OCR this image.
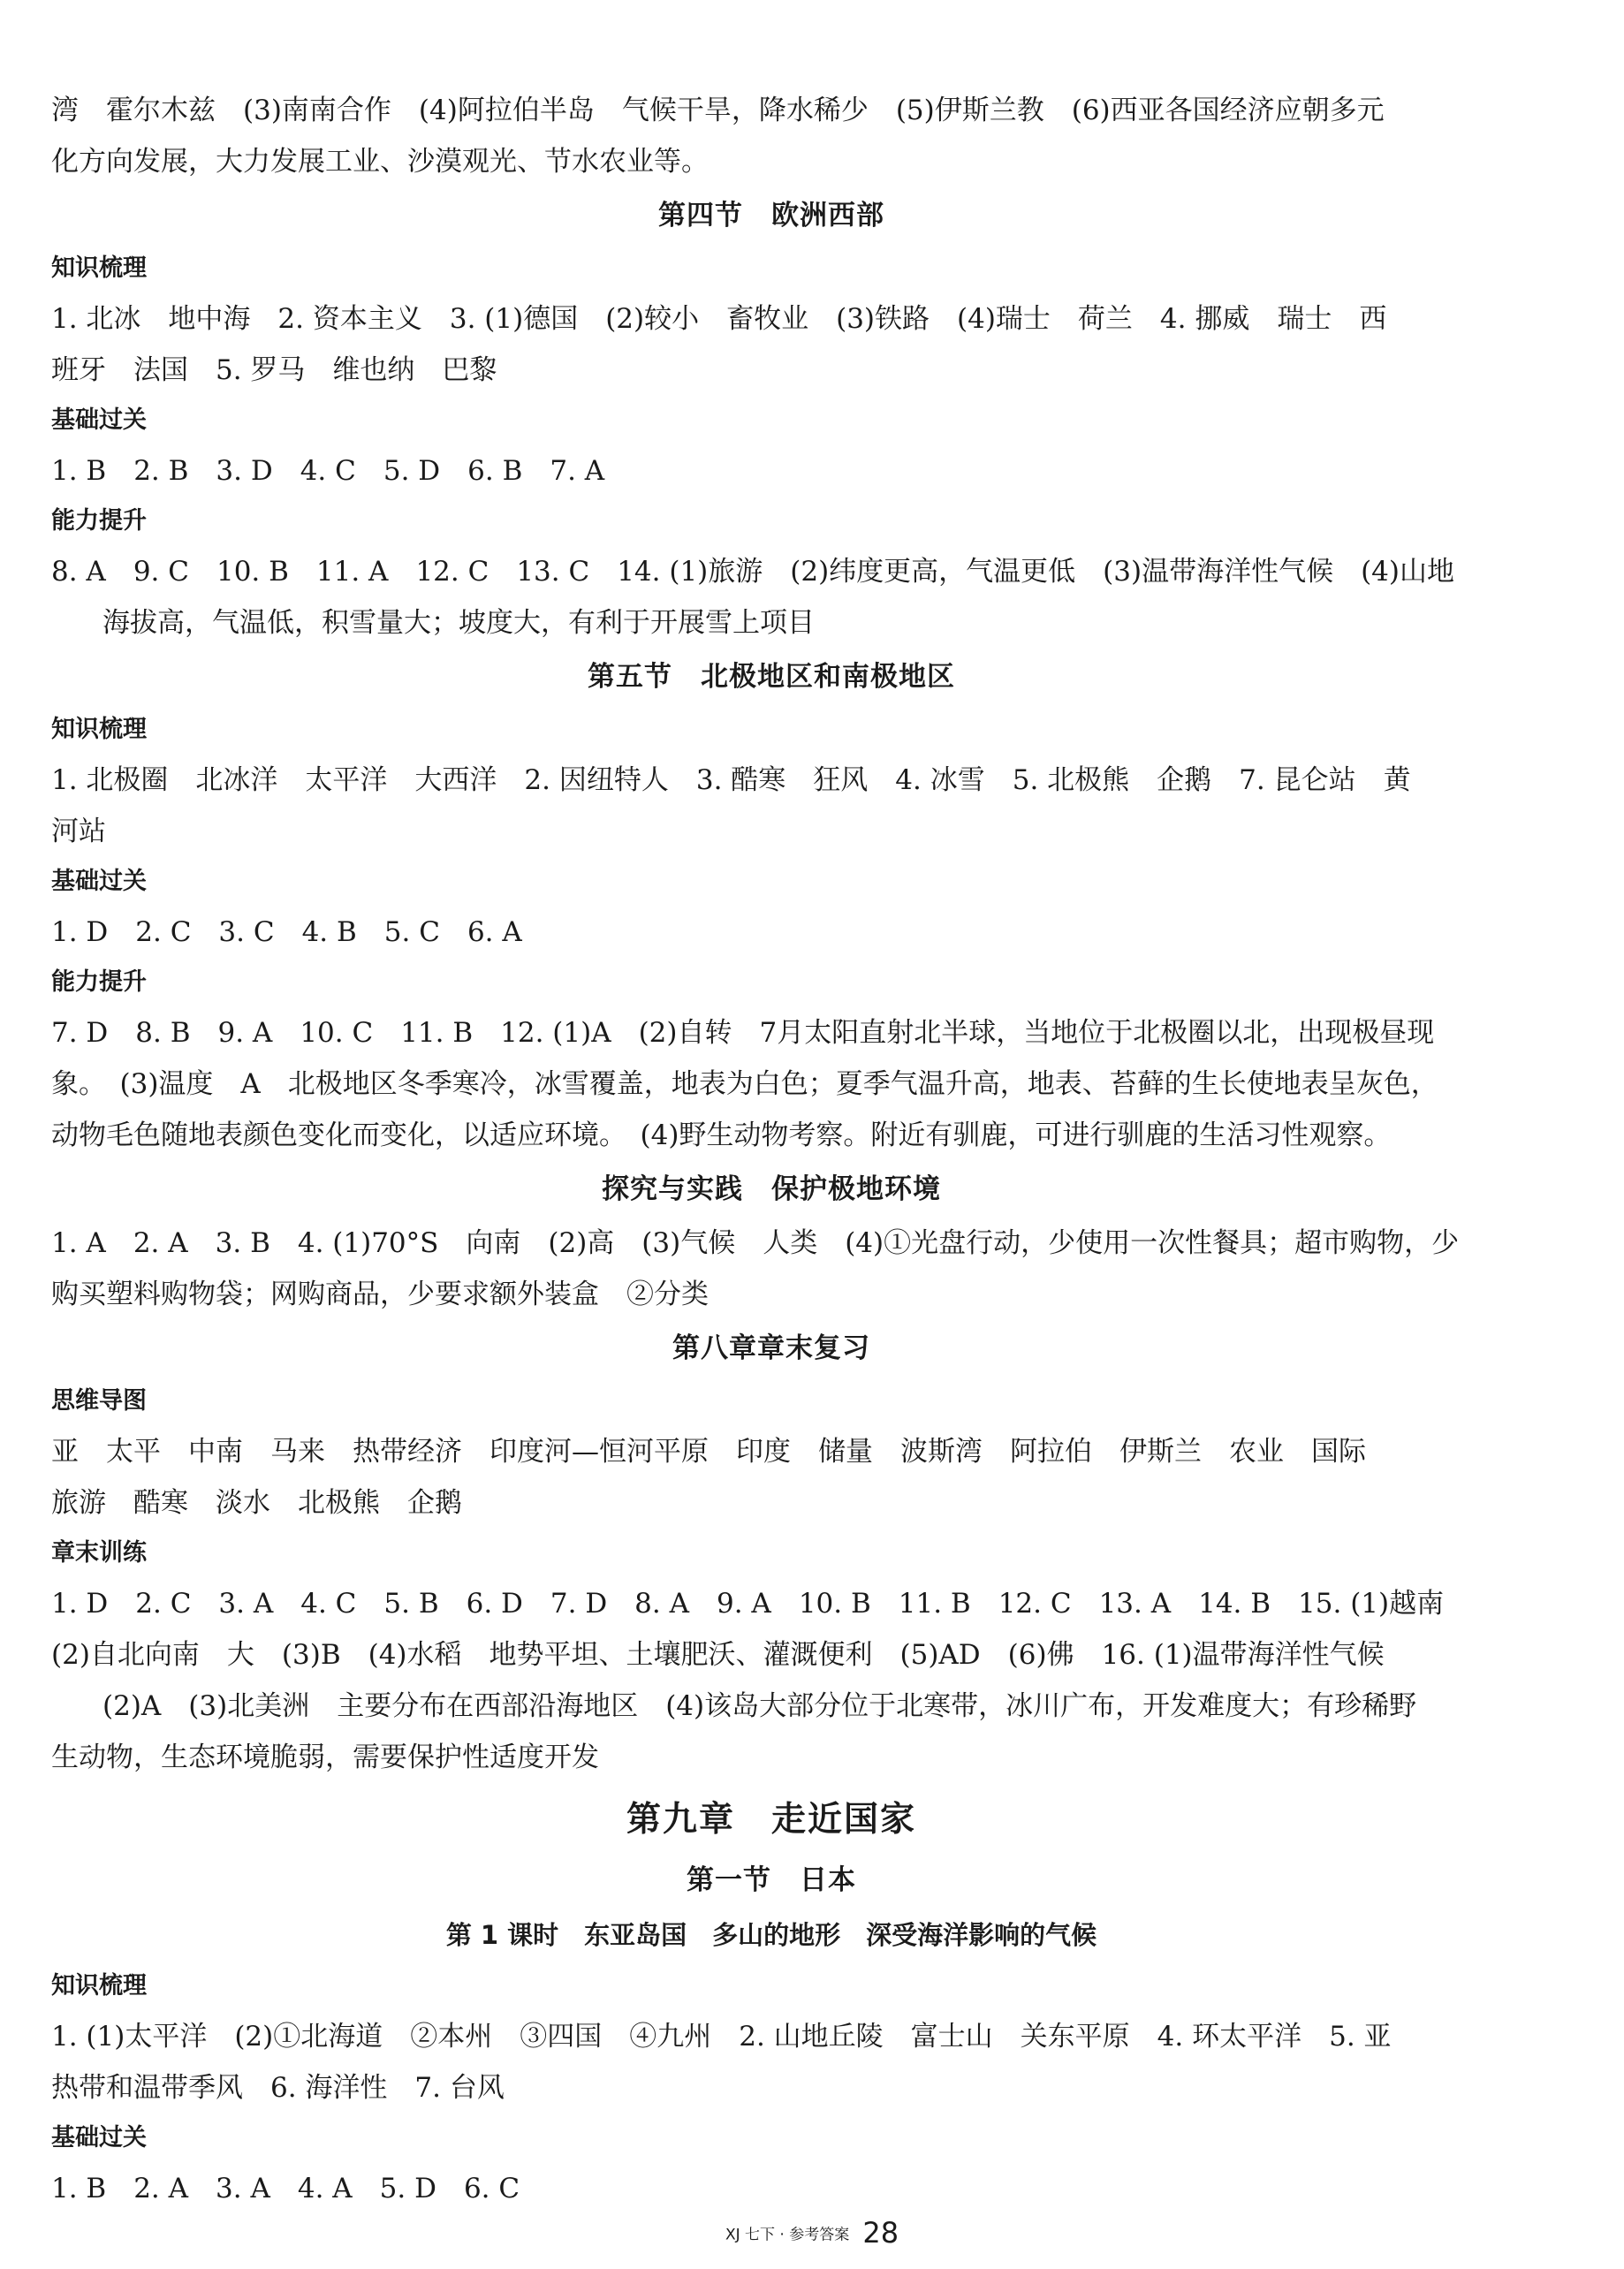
湾　霍尔木兹　(3)南南合作　(4)阿拉伯半岛　气候干旱，降水稀少　(5)伊斯兰教　(6)西亚各国经济应朝多元

化方向发展，大力发展工业、沙漠观光、节水农业等。

第四节　欧洲西部

知识梳理

1. 北冰　地中海　2. 资本主义　3. (1)德国　(2)较小　畜牧业　(3)铁路　(4)瑞士　荷兰　4. 挪威　瑞士　西

班牙　法国　5. 罗马　维也纳　巴黎

基础过关

1. B　2. B　3. D　4. C　5. D　6. B　7. A

能力提升

8. A　9. C　10. B　11. A　12. C　13. C　14. (1)旅游　(2)纬度更高，气温更低　(3)温带海洋性气候　(4)山地

海拔高，气温低，积雪量大；坡度大，有利于开展雪上项目

第五节　北极地区和南极地区

知识梳理

1. 北极圈　北冰洋　太平洋　大西洋　2. 因纽特人　3. 酷寒　狂风　4. 冰雪　5. 北极熊　企鹅　7. 昆仑站　黄

河站

基础过关

1. D　2. C　3. C　4. B　5. C　6. A

能力提升

7. D　8. B　9. A　10. C　11. B　12. (1)A　(2)自转　7月太阳直射北半球，当地位于北极圈以北，出现极昼现

象。　(3)温度　A　北极地区冬季寒冷，冰雪覆盖，地表为白色；夏季气温升高，地表、苔藓的生长使地表呈灰色，

动物毛色随地表颜色变化而变化，以适应环境。　(4)野生动物考察。附近有驯鹿，可进行驯鹿的生活习性观察。

探究与实践　保护极地环境

1. A　2. A　3. B　4. (1)70°S　向南　(2)高　(3)气候　人类　(4)①光盘行动，少使用一次性餐具；超市购物，少

购买塑料购物袋；网购商品，少要求额外装盒　②分类

第八章章末复习

思维导图

亚　太平　中南　马来　热带经济　印度河—恒河平原　印度　储量　波斯湾　阿拉伯　伊斯兰　农业　国际

旅游　酷寒　淡水　北极熊　企鹅

章末训练

1. D　2. C　3. A　4. C　5. B　6. D　7. D　8. A　9. A　10. B　11. B　12. C　13. A　14. B　15. (1)越南

(2)自北向南　大　(3)B　(4)水稻　地势平坦、土壤肥沃、灌溉便利　(5)AD　(6)佛　16. (1)温带海洋性气候

(2)A　(3)北美洲　主要分布在西部沿海地区　(4)该岛大部分位于北寒带，冰川广布，开发难度大；有珍稀野

生动物，生态环境脆弱，需要保护性适度开发

第九章　走近国家
第一节　日本

第 1 课时　东亚岛国　多山的地形　深受海洋影响的气候

知识梳理

1. (1)太平洋　(2)①北海道　②本州　③四国　④九州　2. 山地丘陵　富士山　关东平原　4. 环太平洋　5. 亚

热带和温带季风　6. 海洋性　7. 台风

基础过关

1. B　2. A　3. A　4. A　5. D　6. C

XJ 七下 · 参考答案 28
